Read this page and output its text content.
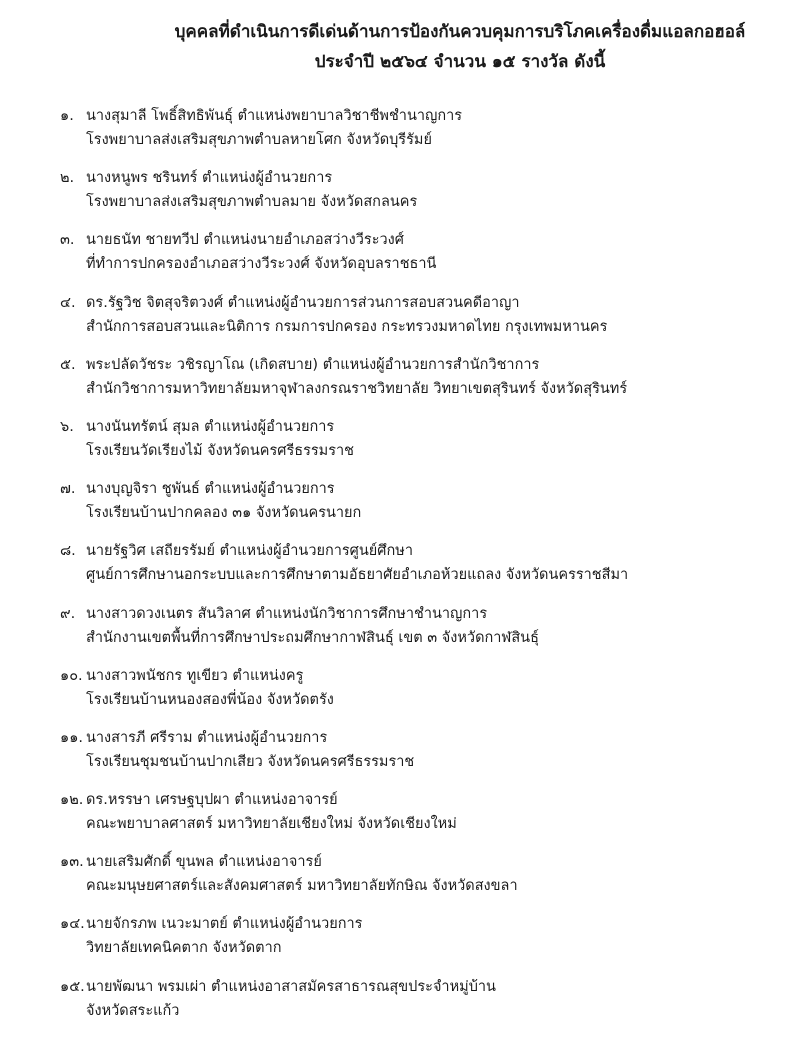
บุคคลที่ดำเนินการดีเด่นด้านการป้องกันควบคุมการบริโภคเครื่องดื่มแอลกอฮอล์
ประจำปี ๒๕๖๔ จำนวน ๑๕ รางวัล ดังนี้
๑. นางสุมาลี โพธิ์สิทธิพันธุ์ ตำแหน่งพยาบาลวิชาชีพชำนาญการ
โรงพยาบาลส่งเสริมสุขภาพตำบลหายโศก จังหวัดบุรีรัมย์
๒. นางหนูพร ชรินทร์ ตำแหน่งผู้อำนวยการ
โรงพยาบาลส่งเสริมสุขภาพตำบลมาย จังหวัดสกลนคร
๓. นายธนัท ชายทวีป ตำแหน่งนายอำเภอสว่างวีระวงศ์
ที่ทำการปกครองอำเภอสว่างวีระวงศ์ จังหวัดอุบลราชธานี
๔. ดร.รัฐวิช จิตสุจริตวงศ์ ตำแหน่งผู้อำนวยการส่วนการสอบสวนคดีอาญา
สำนักการสอบสวนและนิติการ กรมการปกครอง กระทรวงมหาดไทย กรุงเทพมหานคร
๕. พระปลัดวัชระ วชิรญาโณ (เกิดสบาย) ตำแหน่งผู้อำนวยการสำนักวิชาการ
สำนักวิชาการมหาวิทยาลัยมหาจุฬาลงกรณราชวิทยาลัย วิทยาเขตสุรินทร์ จังหวัดสุรินทร์
๖. นางนันทรัตน์ สุมล ตำแหน่งผู้อำนวยการ
โรงเรียนวัดเรียงไม้ จังหวัดนครศรีธรรมราช
๗. นางบุญจิรา ชูพันธ์ ตำแหน่งผู้อำนวยการ
โรงเรียนบ้านปากคลอง ๓๑ จังหวัดนครนายก
๘. นายรัฐวิศ เสถียรรัมย์ ตำแหน่งผู้อำนวยการศูนย์ศึกษา
ศูนย์การศึกษานอกระบบและการศึกษาตามอัธยาศัยอำเภอห้วยแถลง จังหวัดนครราชสีมา
๙. นางสาวดวงเนตร สันวิลาศ ตำแหน่งนักวิชาการศึกษาชำนาญการ
สำนักงานเขตพื้นที่การศึกษาประถมศึกษากาฬสินธุ์ เขต ๓ จังหวัดกาฬสินธุ์
๑๐. นางสาวพนัชกร ทูเขียว ตำแหน่งครู
โรงเรียนบ้านหนองสองพี่น้อง จังหวัดตรัง
๑๑. นางสารภี ศรีราม ตำแหน่งผู้อำนวยการ
โรงเรียนชุมชนบ้านปากเสียว จังหวัดนครศรีธรรมราช
๑๒. ดร.หรรษา เศรษฐบุปผา ตำแหน่งอาจารย์
คณะพยาบาลศาสตร์ มหาวิทยาลัยเชียงใหม่ จังหวัดเชียงใหม่
๑๓. นายเสริมศักดิ์ ขุนพล ตำแหน่งอาจารย์
คณะมนุษยศาสตร์และสังคมศาสตร์ มหาวิทยาลัยทักษิณ จังหวัดสงขลา
๑๔.นายจักรภพ เนวะมาตย์ ตำแหน่งผู้อำนวยการ
วิทยาลัยเทคนิคตาก จังหวัดตาก
๑๕.นายพัฒนา พรมเผ่า ตำแหน่งอาสาสมัครสาธารณสุขประจำหมู่บ้าน
จังหวัดสระแก้ว
